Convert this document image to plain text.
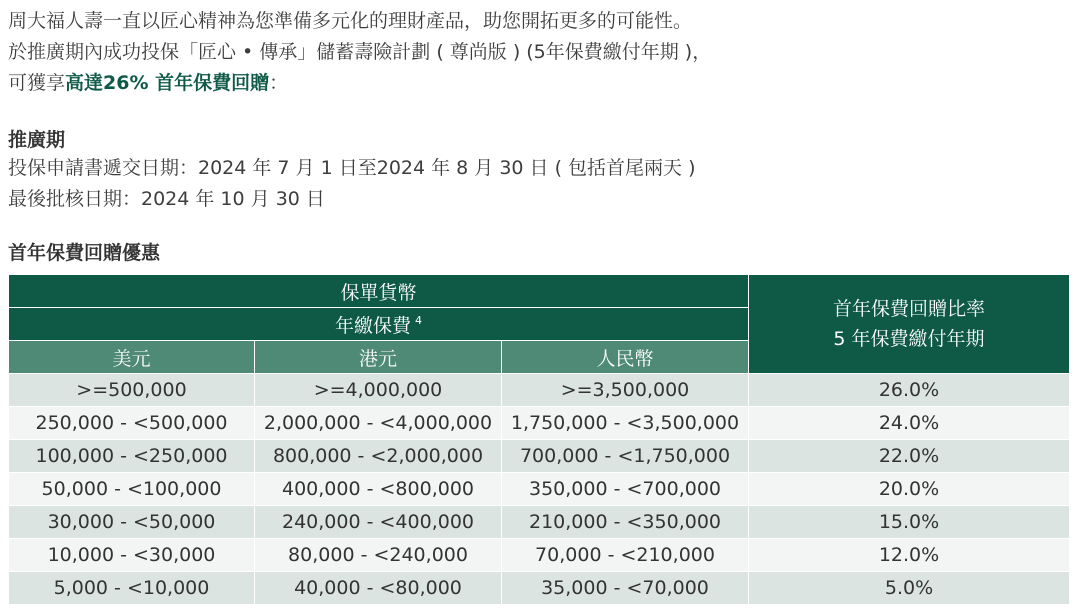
周大福人壽一直以匠心精神為您準備多元化的理財產品，助您開拓更多的可能性。
於推廣期內成功投保「匠心 • 傳承」儲蓄壽險計劃 ( 尊尚版 ) (5年保費繳付年期 )，
可獲享高達26% 首年保費回贈：
推廣期
投保申請書遞交日期：2024 年 7 月 1 日至2024 年 8 月 30 日 ( 包括首尾兩天 )
最後批核日期：2024 年 10 月 30 日
首年保費回贈優惠
保單貨幣			首年保費回贈比率
5 年保費繳付年期
年繳保費 $^4$
美元	港元	人民幣	
>=500,000	>=4,000,000	>=3,500,000	26.0%
250,000 - <500,000	2,000,000 - <4,000,000	1,750,000 - <3,500,000	24.0%
100,000 - <250,000	800,000 - <2,000,000	700,000 - <1,750,000	22.0%
50,000 - <100,000	400,000 - <800,000	350,000 - <700,000	20.0%
30,000 - <50,000	240,000 - <400,000	210,000 - <350,000	15.0%
10,000 - <30,000	80,000 - <240,000	70,000 - <210,000	12.0%
5,000 - <10,000	40,000 - <80,000	35,000 - <70,000	5.0%
